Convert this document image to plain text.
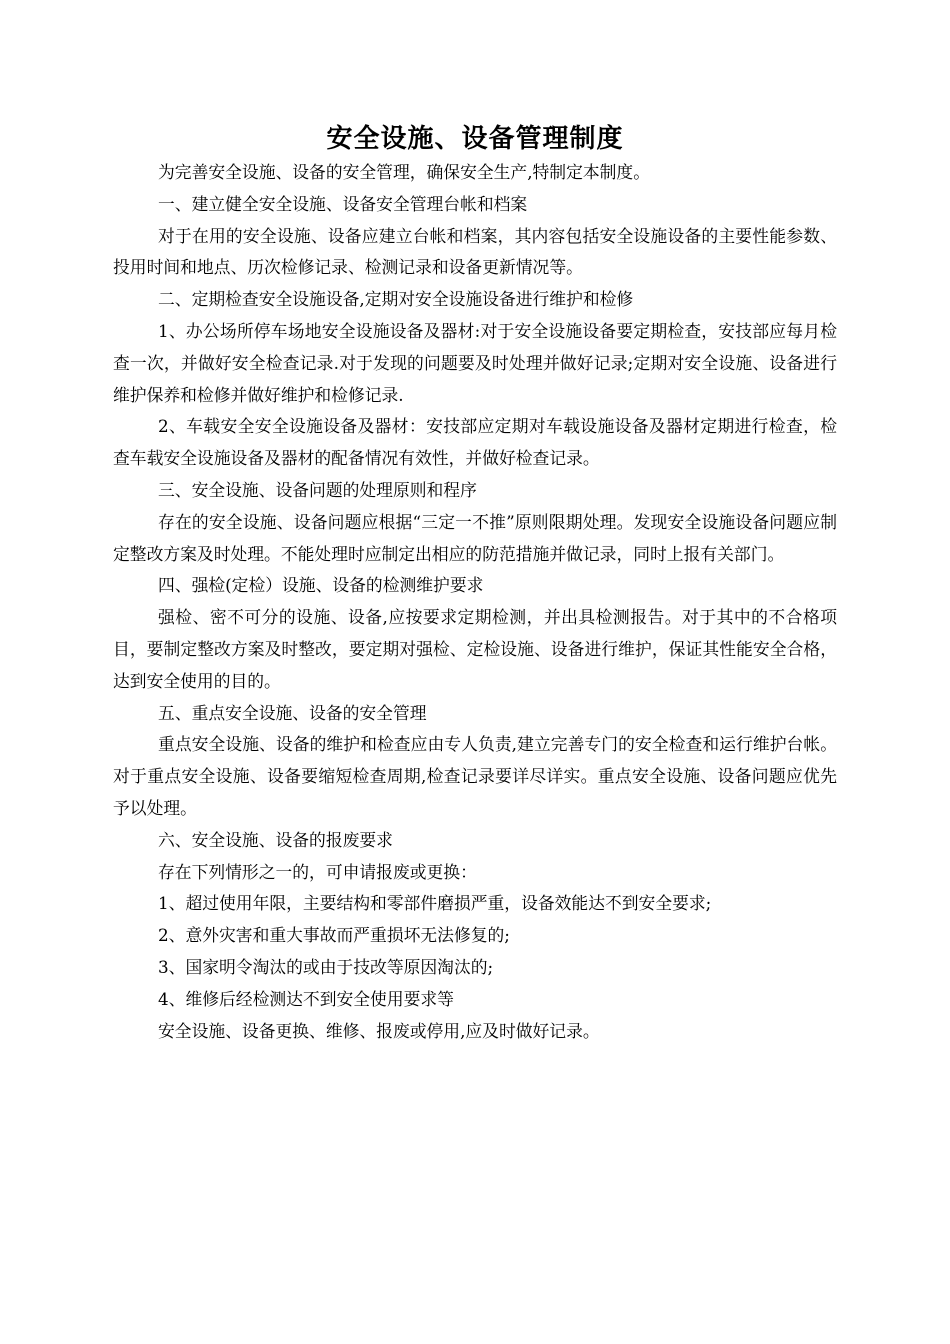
安全设施、设备管理制度

为完善安全设施、设备的安全管理，确保安全生产,特制定本制度。

一、建立健全安全设施、设备安全管理台帐和档案

对于在用的安全设施、设备应建立台帐和档案，其内容包括安全设施设备的主要性能参数、投用时间和地点、历次检修记录、检测记录和设备更新情况等。

二、定期检查安全设施设备,定期对安全设施设备进行维护和检修

1、办公场所停车场地安全设施设备及器材:对于安全设施设备要定期检查，安技部应每月检查一次，并做好安全检查记录.对于发现的问题要及时处理并做好记录;定期对安全设施、设备进行维护保养和检修并做好维护和检修记录.

2、车载安全安全设施设备及器材：安技部应定期对车载设施设备及器材定期进行检查，检查车载安全设施设备及器材的配备情况有效性，并做好检查记录。

三、安全设施、设备问题的处理原则和程序

存在的安全设施、设备问题应根据“三定一不推”原则限期处理。发现安全设施设备问题应制定整改方案及时处理。不能处理时应制定出相应的防范措施并做记录，同时上报有关部门。

四、强检(定检）设施、设备的检测维护要求

强检、密不可分的设施、设备,应按要求定期检测，并出具检测报告。对于其中的不合格项目，要制定整改方案及时整改，要定期对强检、定检设施、设备进行维护，保证其性能安全合格，达到安全使用的目的。

五、重点安全设施、设备的安全管理

重点安全设施、设备的维护和检查应由专人负责,建立完善专门的安全检查和运行维护台帐。对于重点安全设施、设备要缩短检查周期,检查记录要详尽详实。重点安全设施、设备问题应优先予以处理。

六、安全设施、设备的报废要求

存在下列情形之一的，可申请报废或更换：

1、超过使用年限，主要结构和零部件磨损严重，设备效能达不到安全要求;

2、意外灾害和重大事故而严重损坏无法修复的;

3、国家明令淘汰的或由于技改等原因淘汰的;

4、维修后经检测达不到安全使用要求等

安全设施、设备更换、维修、报废或停用,应及时做好记录。
